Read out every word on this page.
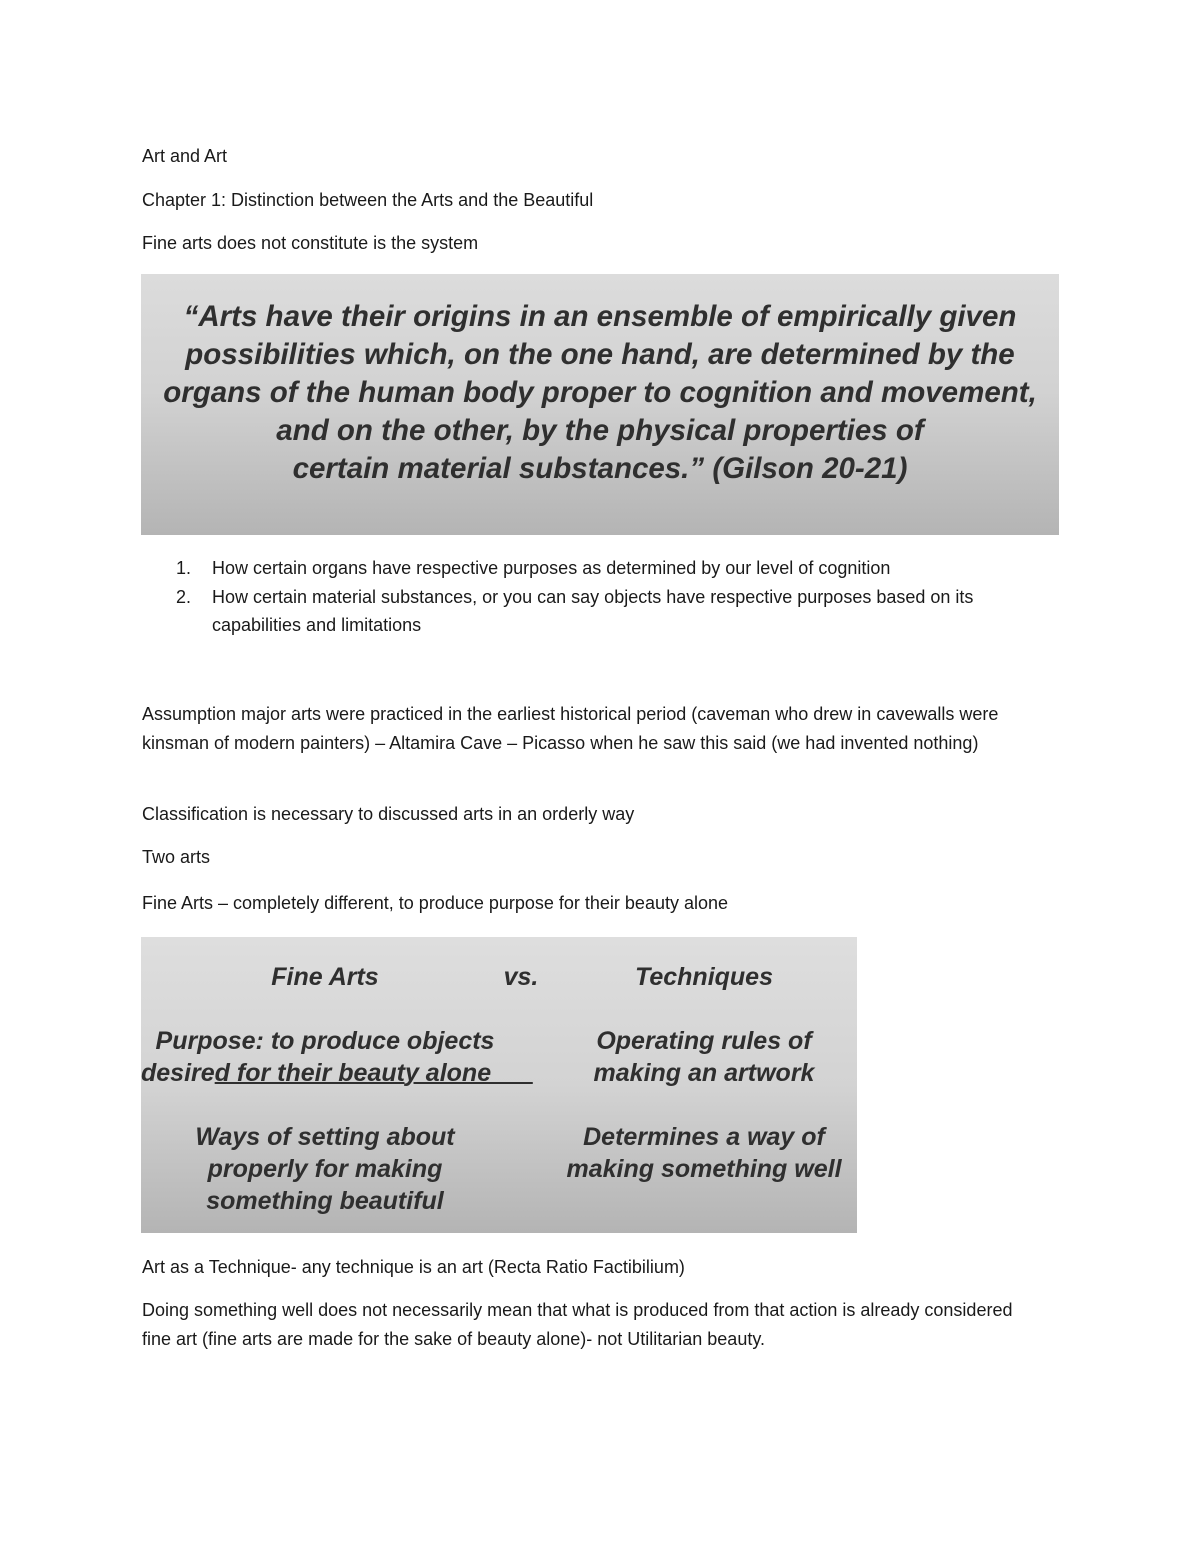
Art and Art

Chapter 1: Distinction between the Arts and the Beautiful

Fine arts does not constitute is the system

“Arts have their origins in an ensemble of empirically given
possibilities which, on the one hand, are determined by the
organs of the human body proper to cognition and movement,
and on the other, by the physical properties of
certain material substances.” (Gilson 20-21)

1. How certain organs have respective purposes as determined by our level of cognition
2. How certain material substances, or you can say objects have respective purposes based on its capabilities and limitations

Assumption major arts were practiced in the earliest historical period (caveman who drew in cavewalls were kinsman of modern painters) – Altamira Cave – Picasso when he saw this said (we had invented nothing)

Classification is necessary to discussed arts in an orderly way

Two arts

Fine Arts – completely different, to produce purpose for their beauty alone

Fine Arts	vs.	Techniques

Purpose: to produce objects
desired for their beauty alone___

Operating rules of
making an artwork

Ways of setting about
properly for making
something beautiful

Determines a way of
making something well

Art as a Technique- any technique is an art (Recta Ratio Factibilium)

Doing something well does not necessarily mean that what is produced from that action is already considered fine art (fine arts are made for the sake of beauty alone)- not Utilitarian beauty.
